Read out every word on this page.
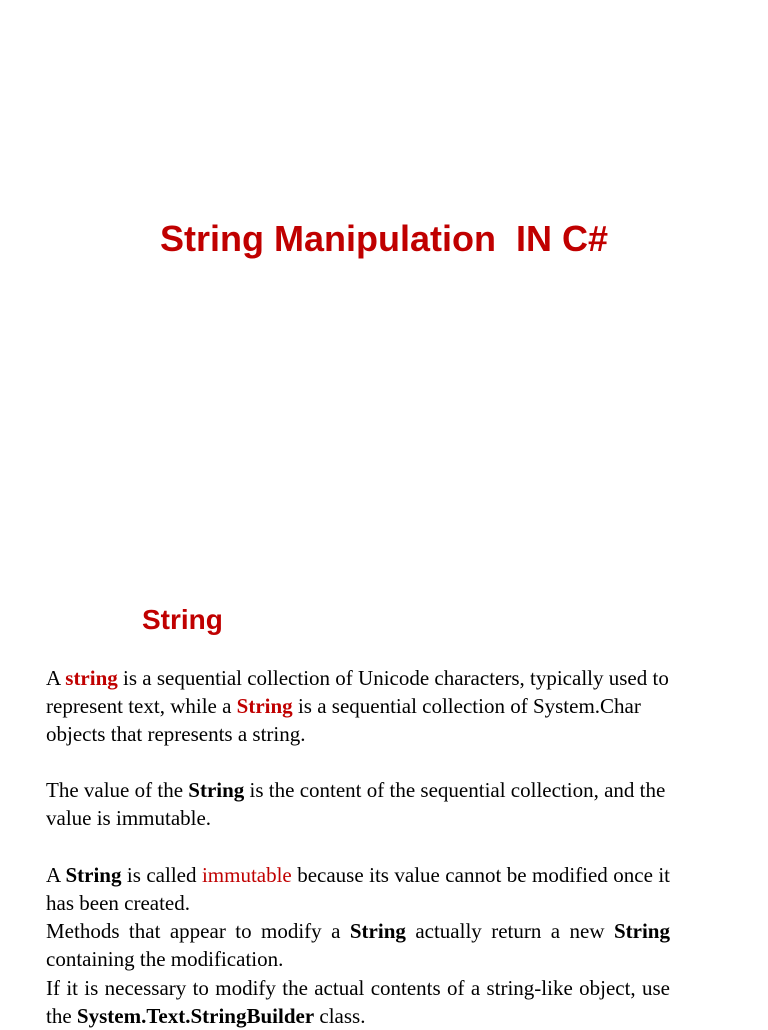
String Manipulation  IN C#
String
A string is a sequential collection of Unicode characters, typically used to represent text, while a String is a sequential collection of System.Char objects that represents a string.
The value of the String is the content of the sequential collection, and the value is immutable.
A String is called immutable because its value cannot be modified once it has been created.
Methods that appear to modify a String actually return a new String containing the modification.
If it is necessary to modify the actual contents of a string-like object, use the System.Text.StringBuilder class.
